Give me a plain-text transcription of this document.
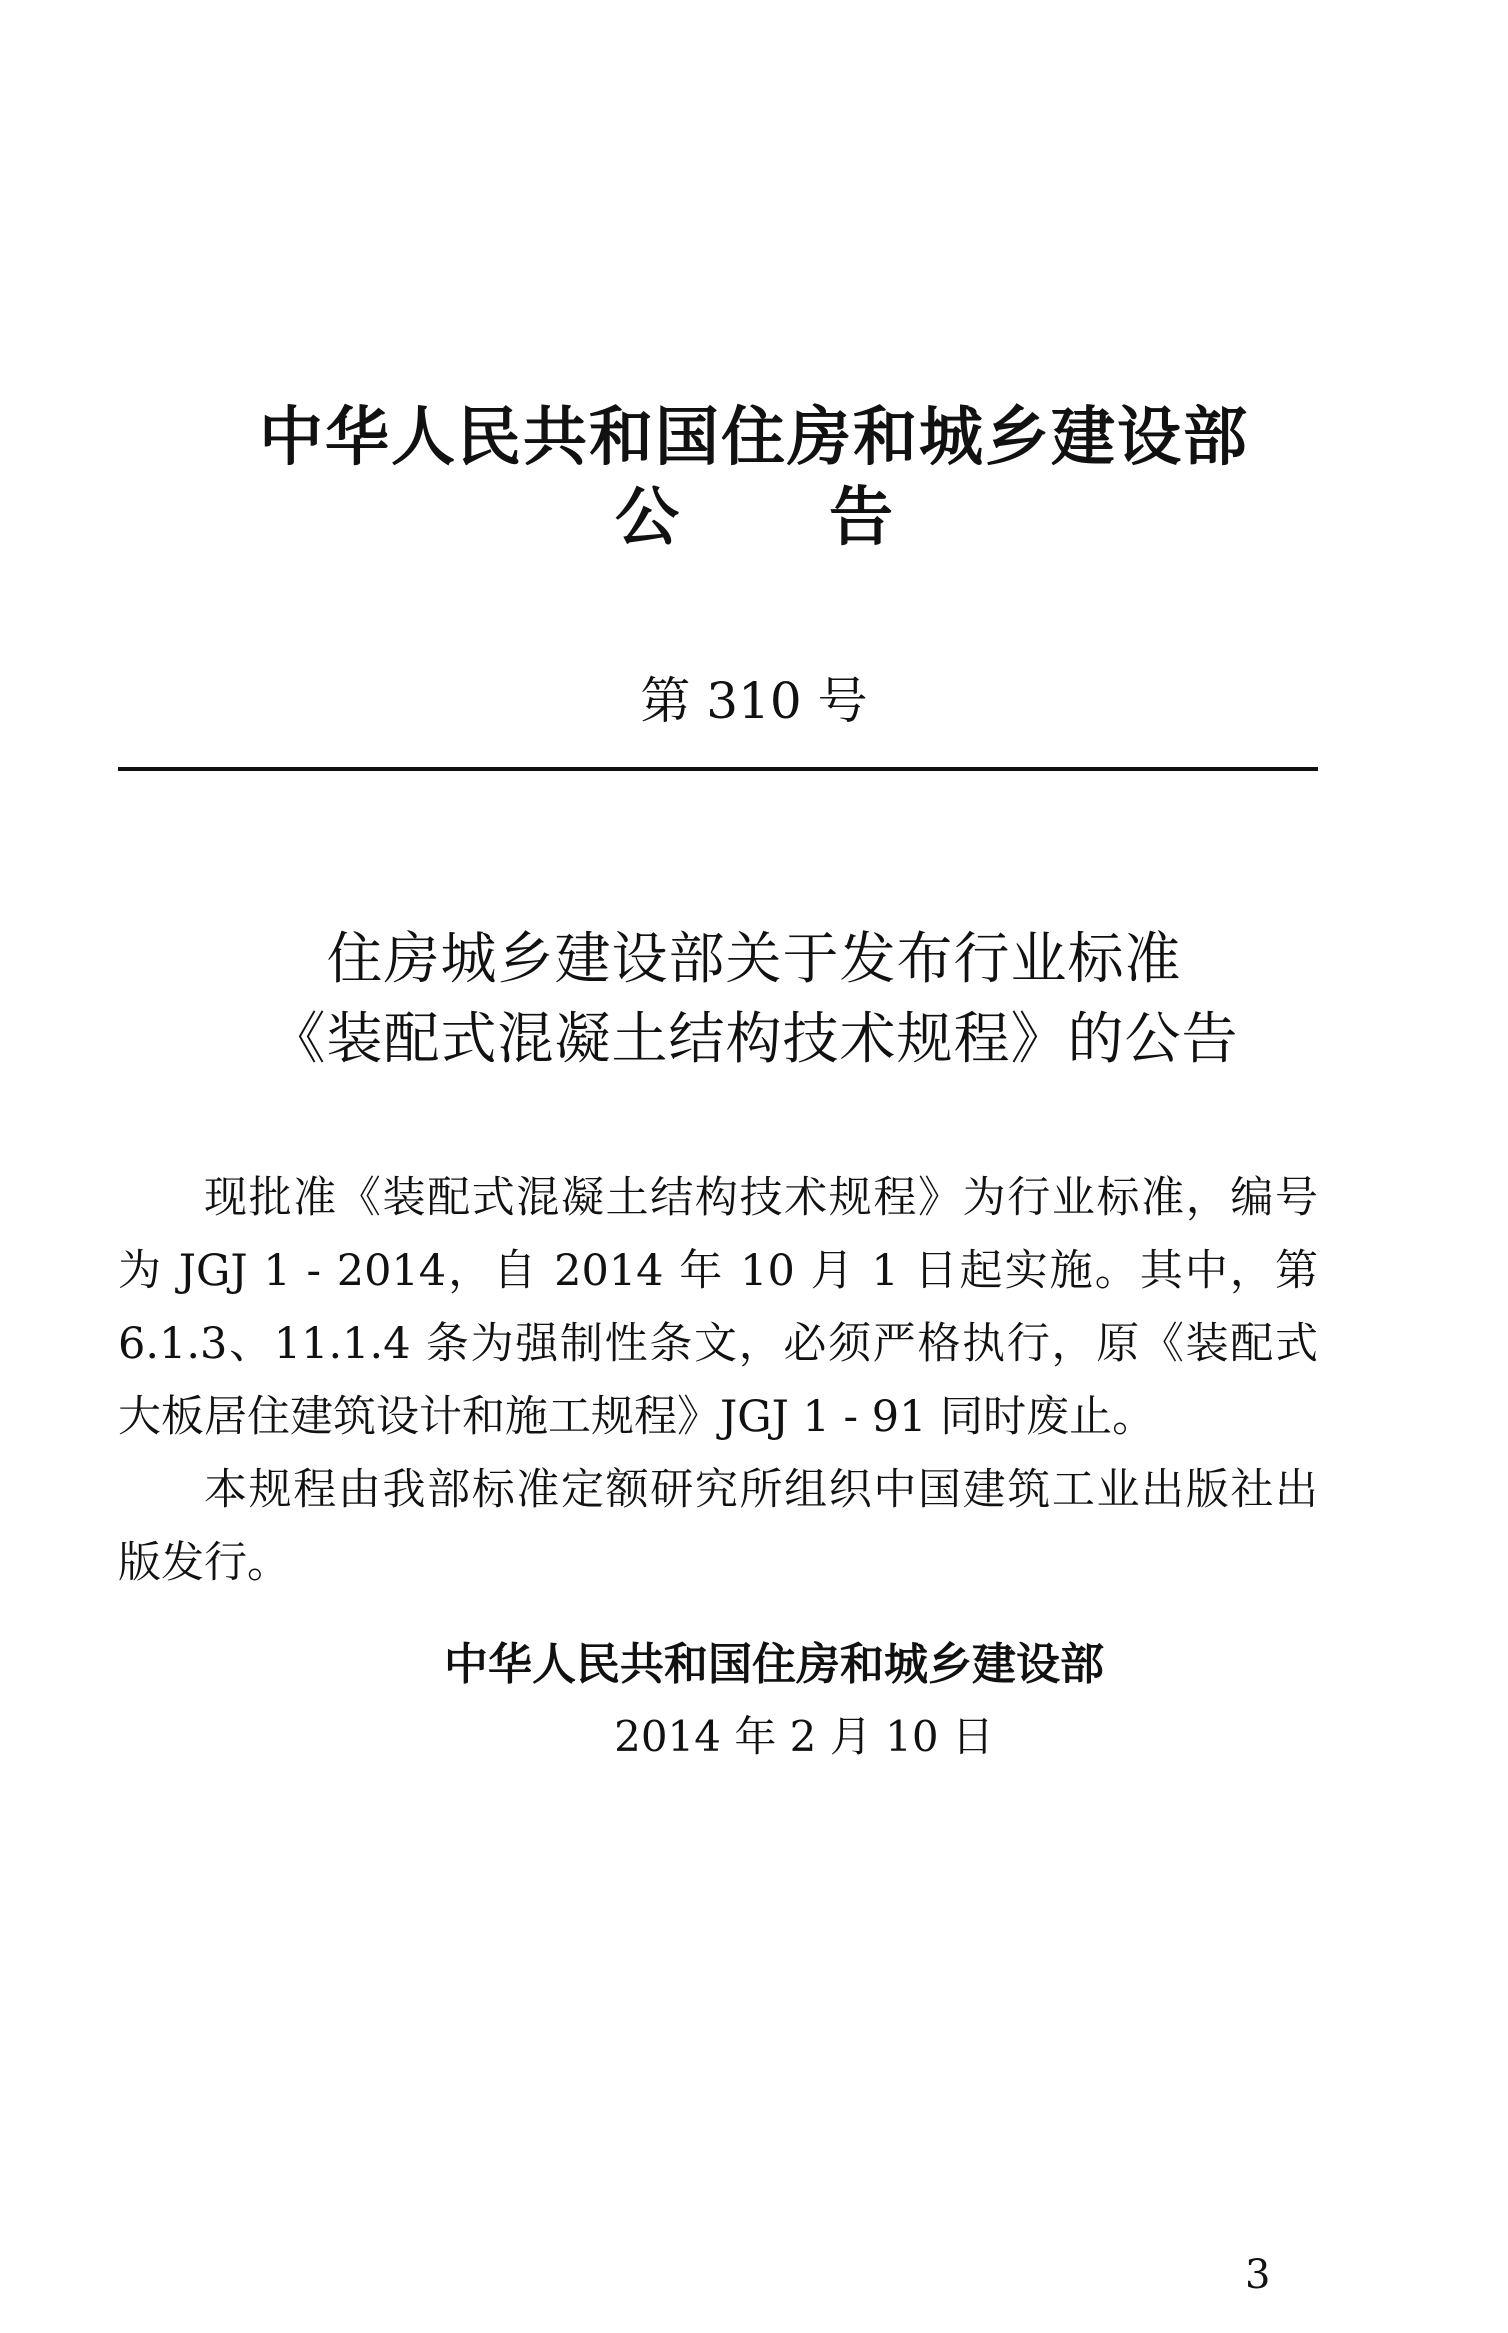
中华人民共和国住房和城乡建设部
公 告
第 310 号
住房城乡建设部关于发布行业标准
《装配式混凝土结构技术规程》的公告

现批准《装配式混凝土结构技术规程》为行业标准，编号为 JGJ 1 - 2014，自 2014 年 10 月 1 日起实施。其中，第 6.1.3、11.1.4 条为强制性条文，必须严格执行，原《装配式大板居住建筑设计和施工规程》JGJ 1 - 91 同时废止。

本规程由我部标准定额研究所组织中国建筑工业出版社出版发行。

中华人民共和国住房和城乡建设部
2014 年 2 月 10 日
3
